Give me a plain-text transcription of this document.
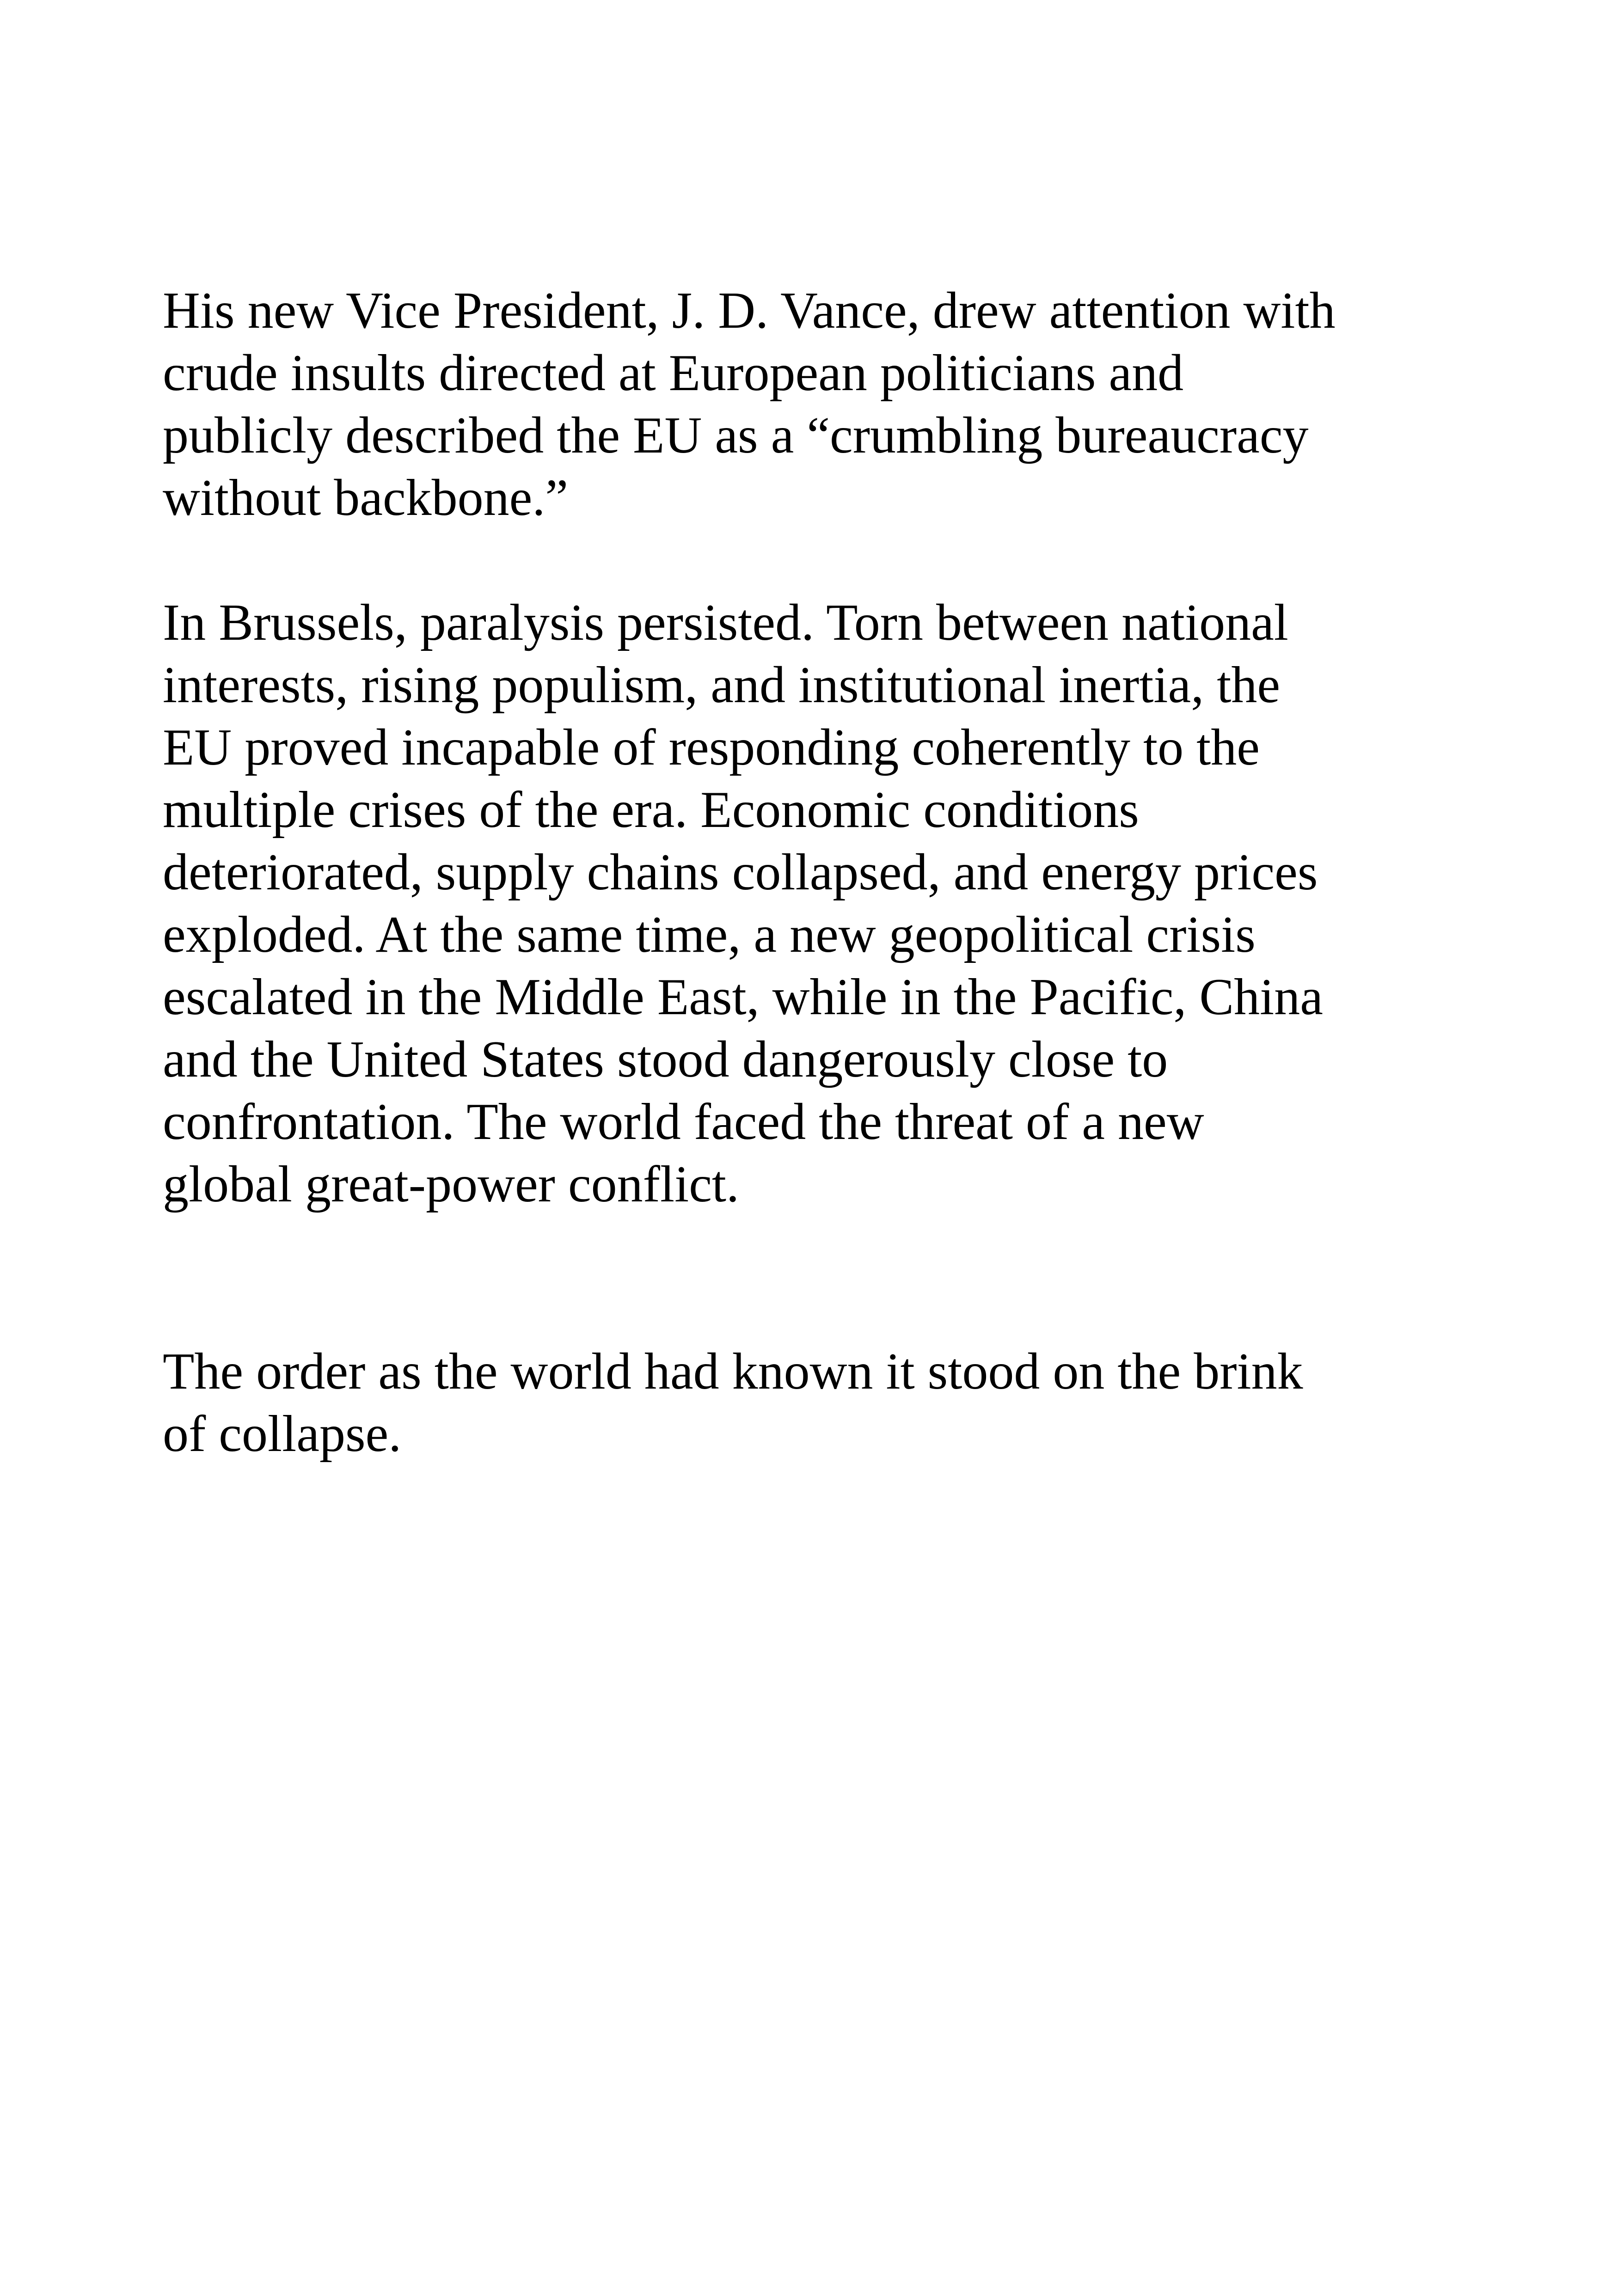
His new Vice President, J. D. Vance, drew attention with
crude insults directed at European politicians and
publicly described the EU as a “crumbling bureaucracy
without backbone.”

In Brussels, paralysis persisted. Torn between national
interests, rising populism, and institutional inertia, the
EU proved incapable of responding coherently to the
multiple crises of the era. Economic conditions
deteriorated, supply chains collapsed, and energy prices
exploded. At the same time, a new geopolitical crisis
escalated in the Middle East, while in the Pacific, China
and the United States stood dangerously close to
confrontation. The world faced the threat of a new
global great-power conflict.

The order as the world had known it stood on the brink
of collapse.
